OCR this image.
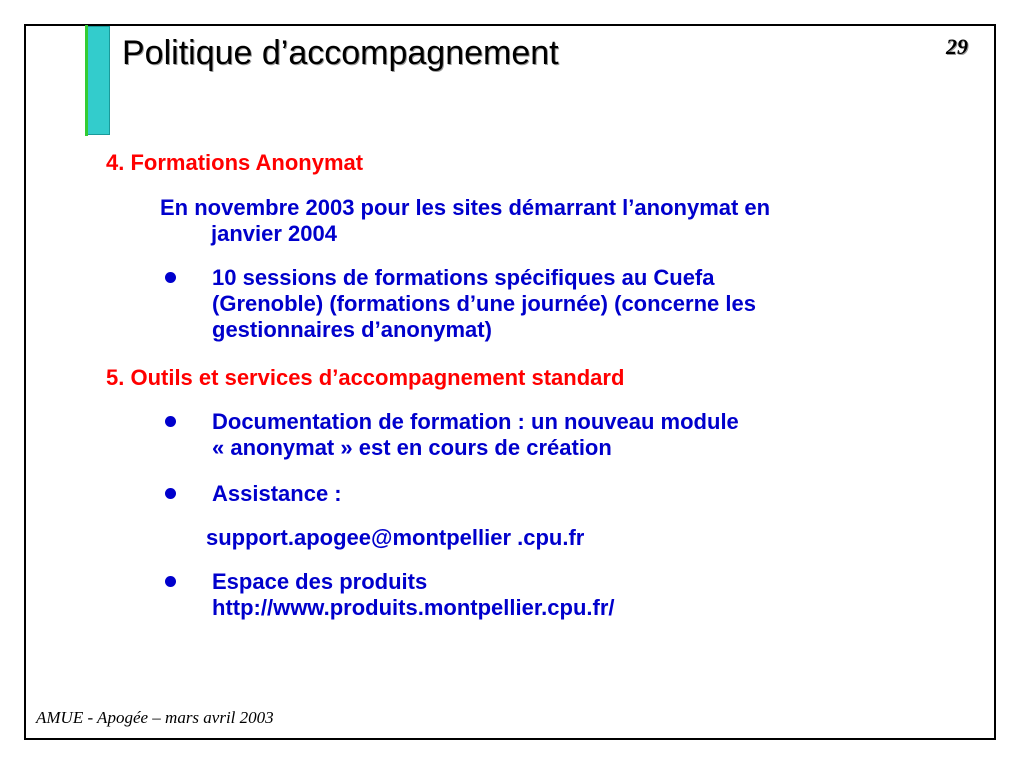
Politique d’accompagnement	29
4. Formations Anonymat
En novembre 2003 pour les sites démarrant l’anonymat en
janvier 2004
10 sessions de formations spécifiques au Cuefa
(Grenoble) (formations d’une journée) (concerne les
gestionnaires d’anonymat)
5. Outils et services d’accompagnement standard
Documentation de formation : un nouveau module
« anonymat » est en cours de création
Assistance :
support.apogee@montpellier .cpu.fr
Espace des produits
http://www.produits.montpellier.cpu.fr/
AMUE - Apogée – mars avril 2003
